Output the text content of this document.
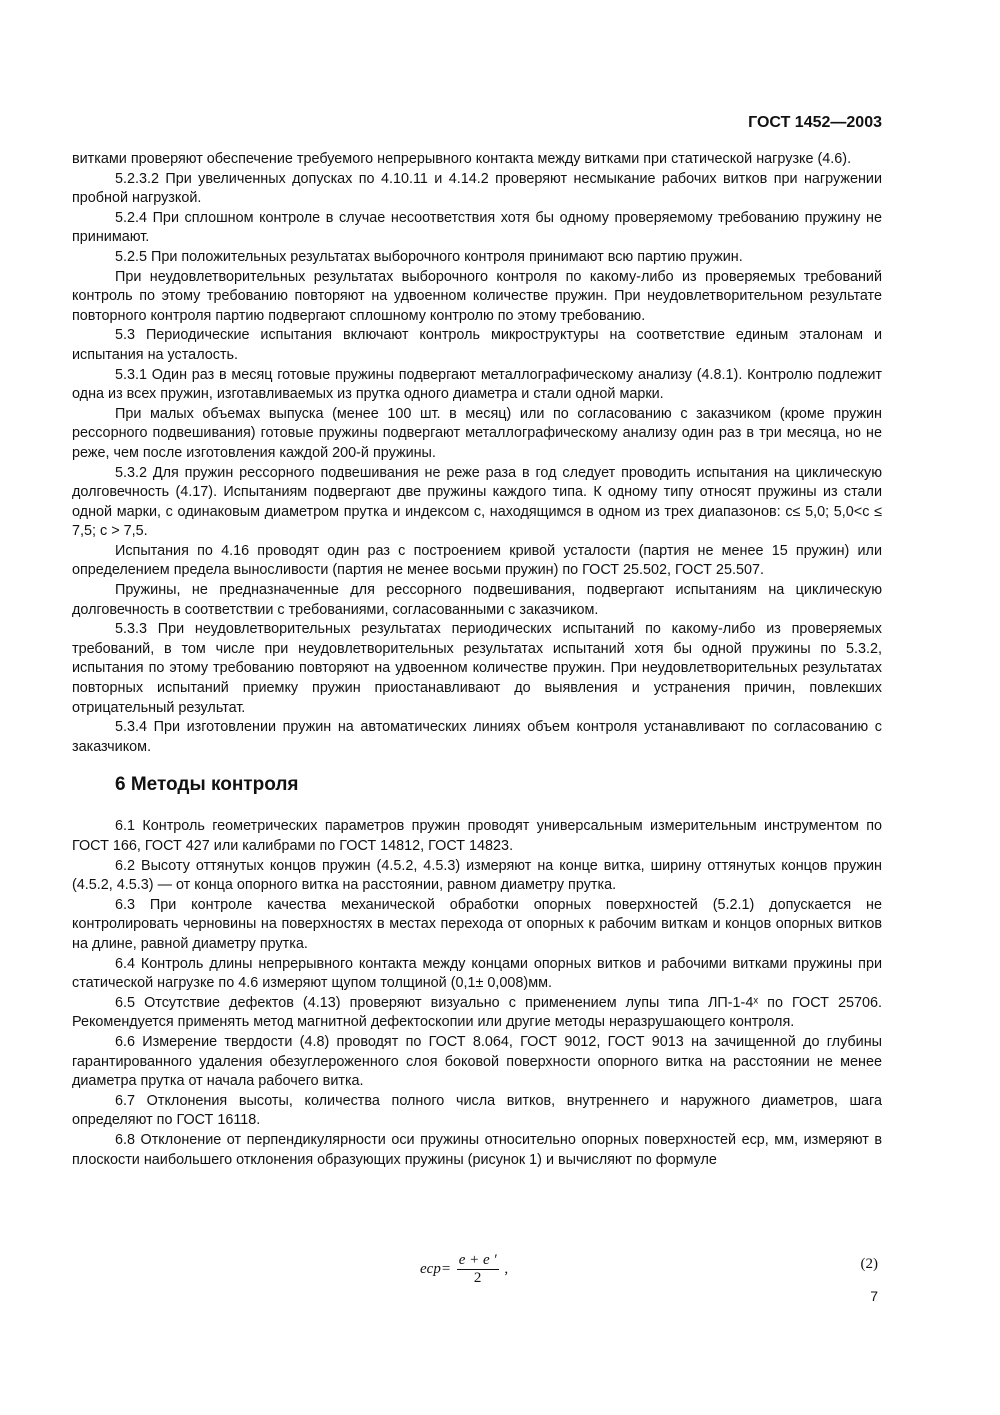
ГОСТ 1452—2003

витками проверяют обеспечение требуемого непрерывного контакта между витками при статической нагрузке (4.6).

5.2.3.2 При увеличенных допусках по 4.10.11 и 4.14.2 проверяют несмыкание рабочих витков при нагружении пробной нагрузкой.

5.2.4 При сплошном контроле в случае несоответствия хотя бы одному проверяемому требованию пружину не принимают.

5.2.5 При положительных результатах выборочного контроля принимают всю партию пружин.

При неудовлетворительных результатах выборочного контроля по какому-либо из проверяемых требований контроль по этому требованию повторяют на удвоенном количестве пружин. При неудовлетворительном результате повторного контроля партию подвергают сплошному контролю по этому требованию.

5.3 Периодические испытания включают контроль микроструктуры на соответствие единым эталонам и испытания на усталость.

5.3.1 Один раз в месяц готовые пружины подвергают металлографическому анализу (4.8.1). Контролю подлежит одна из всех пружин, изготавливаемых из прутка одного диаметра и стали одной марки.

При малых объемах выпуска (менее 100 шт. в месяц) или по согласованию с заказчиком (кроме пружин рессорного подвешивания) готовые пружины подвергают металлографическому анализу один раз в три месяца, но не реже, чем после изготовления каждой 200-й пружины.

5.3.2 Для пружин рессорного подвешивания не реже раза в год следует проводить испытания на циклическую долговечность (4.17). Испытаниям подвергают две пружины каждого типа. К одному типу относят пружины из стали одной марки, с одинаковым диаметром прутка и индексом с, находящимся в одном из трех диапазонов: с≤ 5,0; 5,0<с ≤ 7,5; с > 7,5.

Испытания по 4.16 проводят один раз с построением кривой усталости (партия не менее 15 пружин) или определением предела выносливости (партия не менее восьми пружин) по ГОСТ 25.502, ГОСТ 25.507.

Пружины, не предназначенные для рессорного подвешивания, подвергают испытаниям на циклическую долговечность в соответствии с требованиями, согласованными с заказчиком.

5.3.3 При неудовлетворительных результатах периодических испытаний по какому-либо из проверяемых требований, в том числе при неудовлетворительных результатах испытаний хотя бы одной пружины по 5.3.2, испытания по этому требованию повторяют на удвоенном количестве пружин. При неудовлетворительных результатах повторных испытаний приемку пружин приостанавливают до выявления и устранения причин, повлекших отрицательный результат.

5.3.4 При изготовлении пружин на автоматических линиях объем контроля устанавливают по согласованию с заказчиком.

6 Методы контроля

6.1 Контроль геометрических параметров пружин проводят универсальным измерительным инструментом по ГОСТ 166, ГОСТ 427 или калибрами по ГОСТ 14812, ГОСТ 14823.

6.2 Высоту оттянутых концов пружин (4.5.2, 4.5.3) измеряют на конце витка, ширину оттянутых концов пружин (4.5.2, 4.5.3) — от конца опорного витка на расстоянии, равном диаметру прутка.

6.3 При контроле качества механической обработки опорных поверхностей (5.2.1) допускается не контролировать черновины на поверхностях в местах перехода от опорных к рабочим виткам и концов опорных витков на длине, равной диаметру прутка.

6.4 Контроль длины непрерывного контакта между концами опорных витков и рабочими витками пружины при статической нагрузке по 4.6 измеряют щупом толщиной (0,1± 0,008)мм.

6.5 Отсутствие дефектов (4.13) проверяют визуально с применением лупы типа ЛП-1-4ˣ по ГОСТ 25706. Рекомендуется применять метод магнитной дефектоскопии или другие методы неразрушающего контроля.

6.6 Измерение твердости (4.8) проводят по ГОСТ 8.064, ГОСТ 9012, ГОСТ 9013 на зачищенной до глубины гарантированного удаления обезуглероженного слоя боковой поверхности опорного витка на расстоянии не менее диаметра прутка от начала рабочего витка.

6.7 Отклонения высоты, количества полного числа витков, внутреннего и наружного диаметров, шага определяют по ГОСТ 16118.

6.8 Отклонение от перпендикулярности оси пружины относительно опорных поверхностей eср, мм, измеряют в плоскости наибольшего отклонения образующих пружины (рисунок 1) и вычисляют по формуле

$eср= \frac{e + e '}{2}$ ,	(2)
7
